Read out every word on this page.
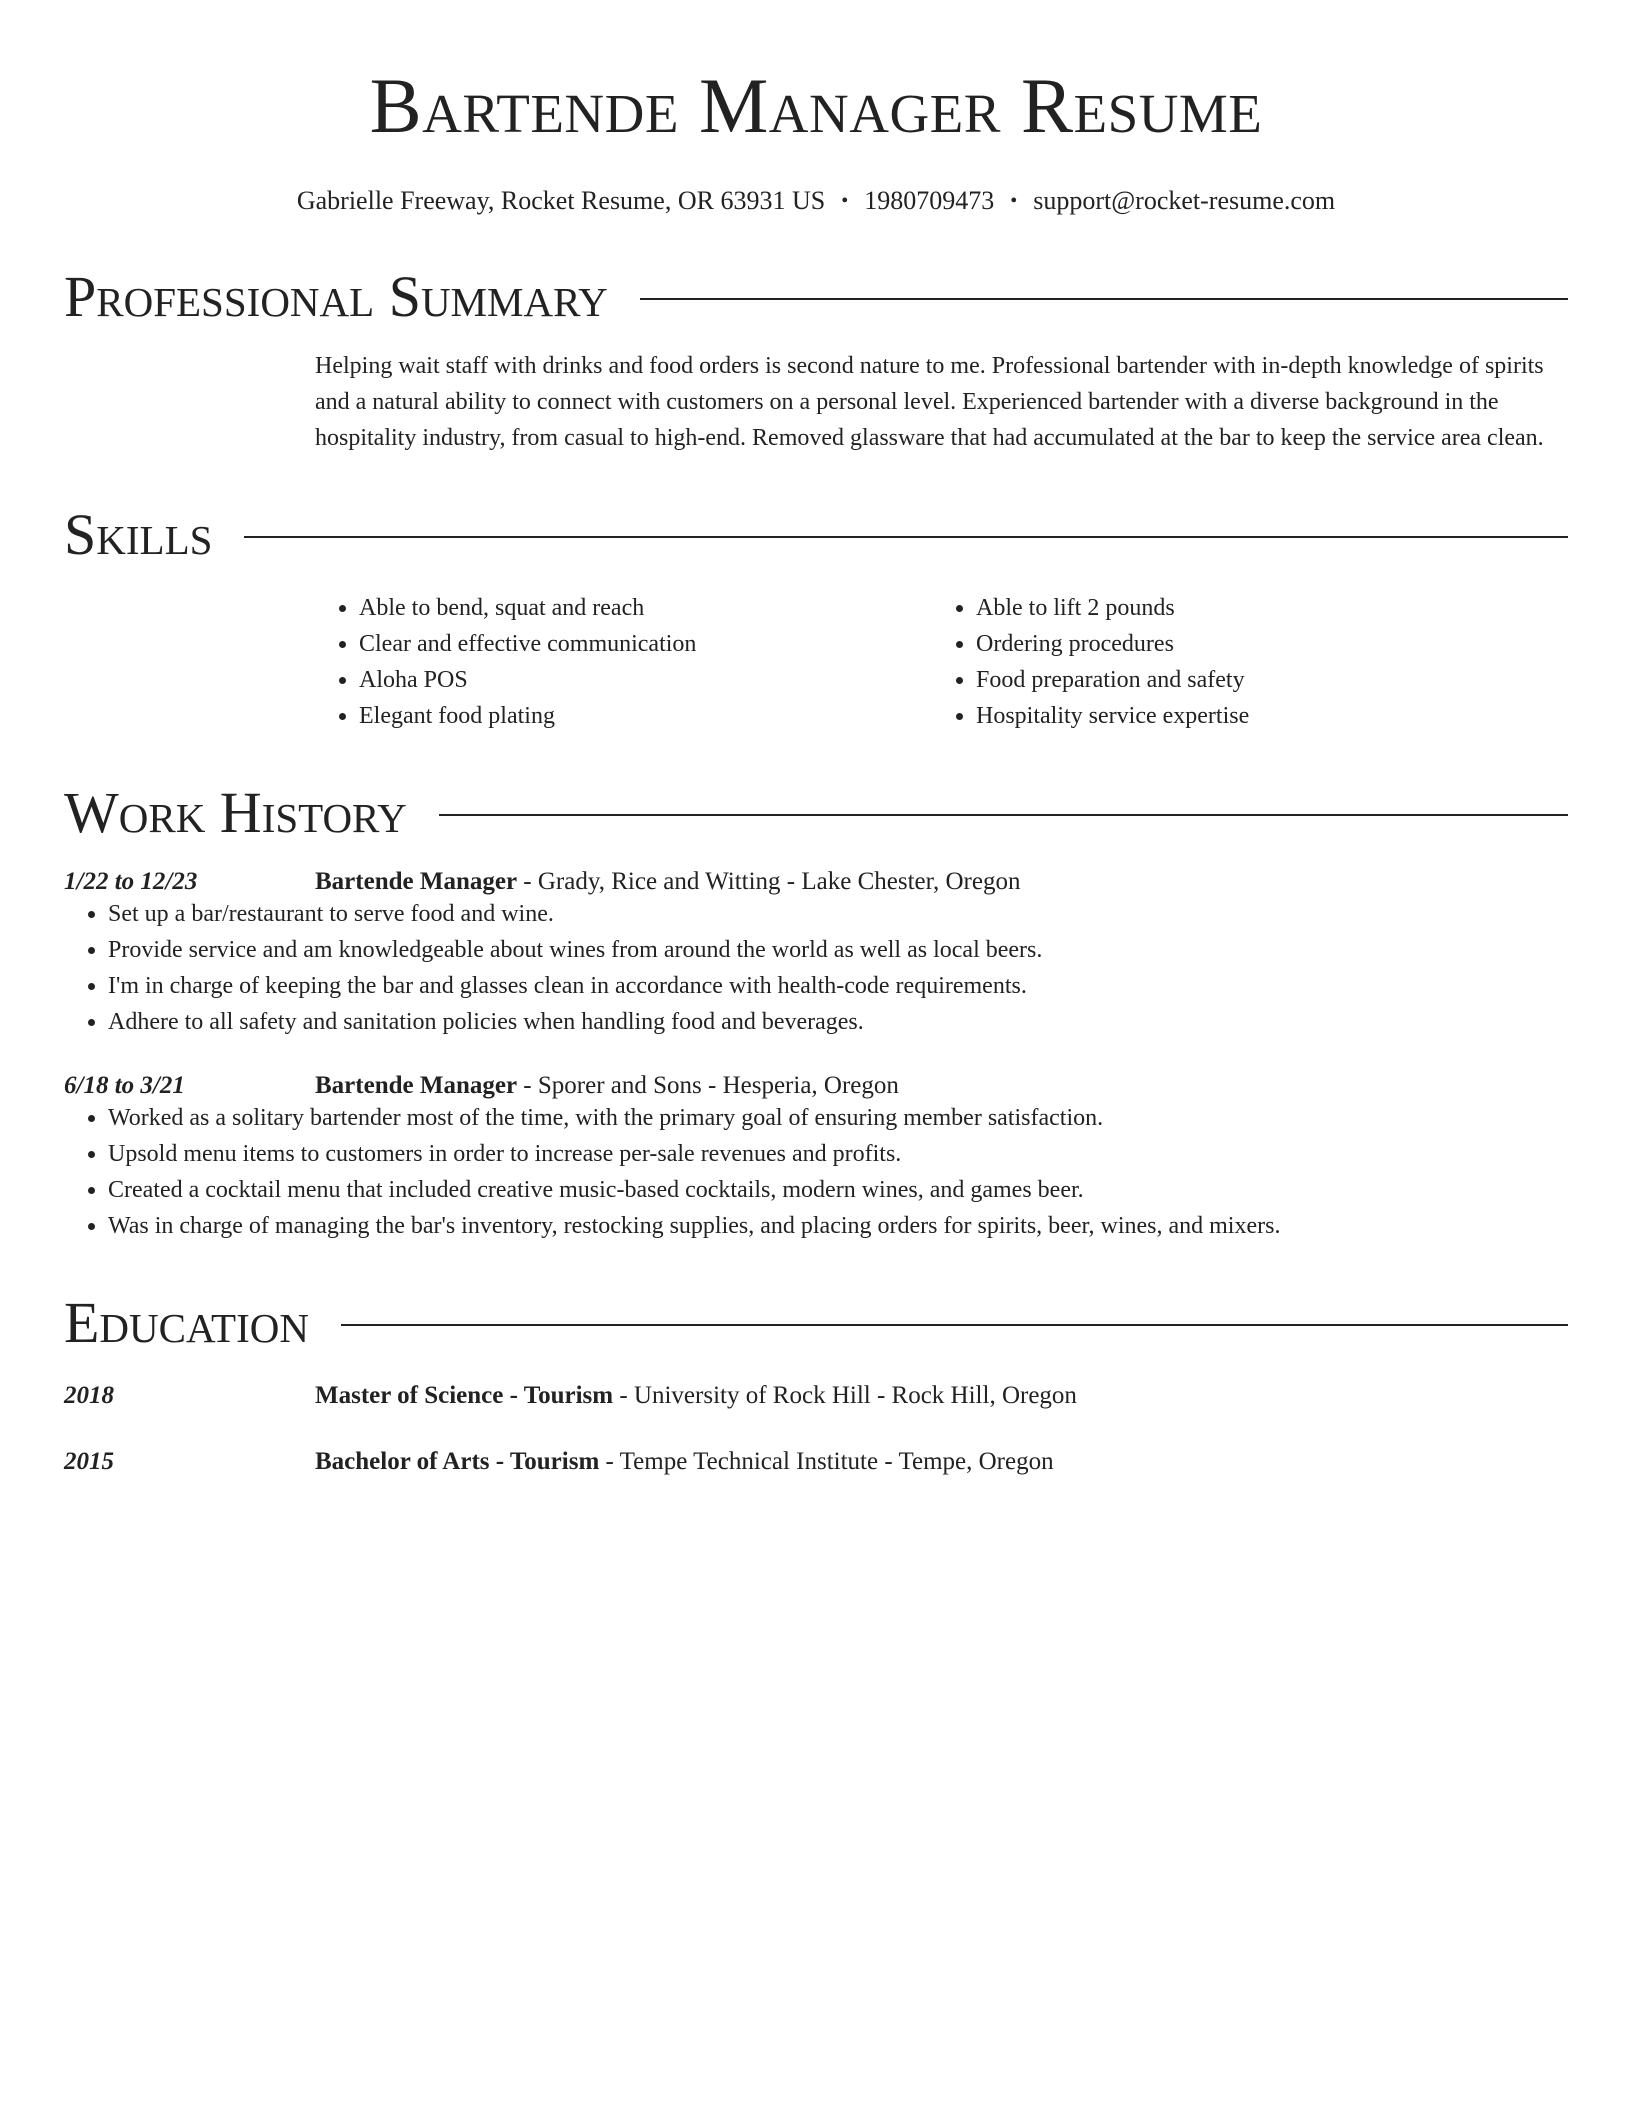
Bartende Manager Resume
Gabrielle Freeway, Rocket Resume, OR 63931 US • 1980709473 • support@rocket-resume.com
Professional Summary
Helping wait staff with drinks and food orders is second nature to me. Professional bartender with in-depth knowledge of spirits and a natural ability to connect with customers on a personal level. Experienced bartender with a diverse background in the hospitality industry, from casual to high-end. Removed glassware that had accumulated at the bar to keep the service area clean.
Skills
• Able to bend, squat and reach
• Clear and effective communication
• Aloha POS
• Elegant food plating
• Able to lift 2 pounds
• Ordering procedures
• Food preparation and safety
• Hospitality service expertise
Work History
1/22 to 12/23	Bartende Manager - Grady, Rice and Witting - Lake Chester, Oregon
• Set up a bar/restaurant to serve food and wine.
• Provide service and am knowledgeable about wines from around the world as well as local beers.
• I'm in charge of keeping the bar and glasses clean in accordance with health-code requirements.
• Adhere to all safety and sanitation policies when handling food and beverages.
6/18 to 3/21	Bartende Manager - Sporer and Sons - Hesperia, Oregon
• Worked as a solitary bartender most of the time, with the primary goal of ensuring member satisfaction.
• Upsold menu items to customers in order to increase per-sale revenues and profits.
• Created a cocktail menu that included creative music-based cocktails, modern wines, and games beer.
• Was in charge of managing the bar's inventory, restocking supplies, and placing orders for spirits, beer, wines, and mixers.
Education
2018	Master of Science - Tourism - University of Rock Hill - Rock Hill, Oregon
2015	Bachelor of Arts - Tourism - Tempe Technical Institute - Tempe, Oregon
